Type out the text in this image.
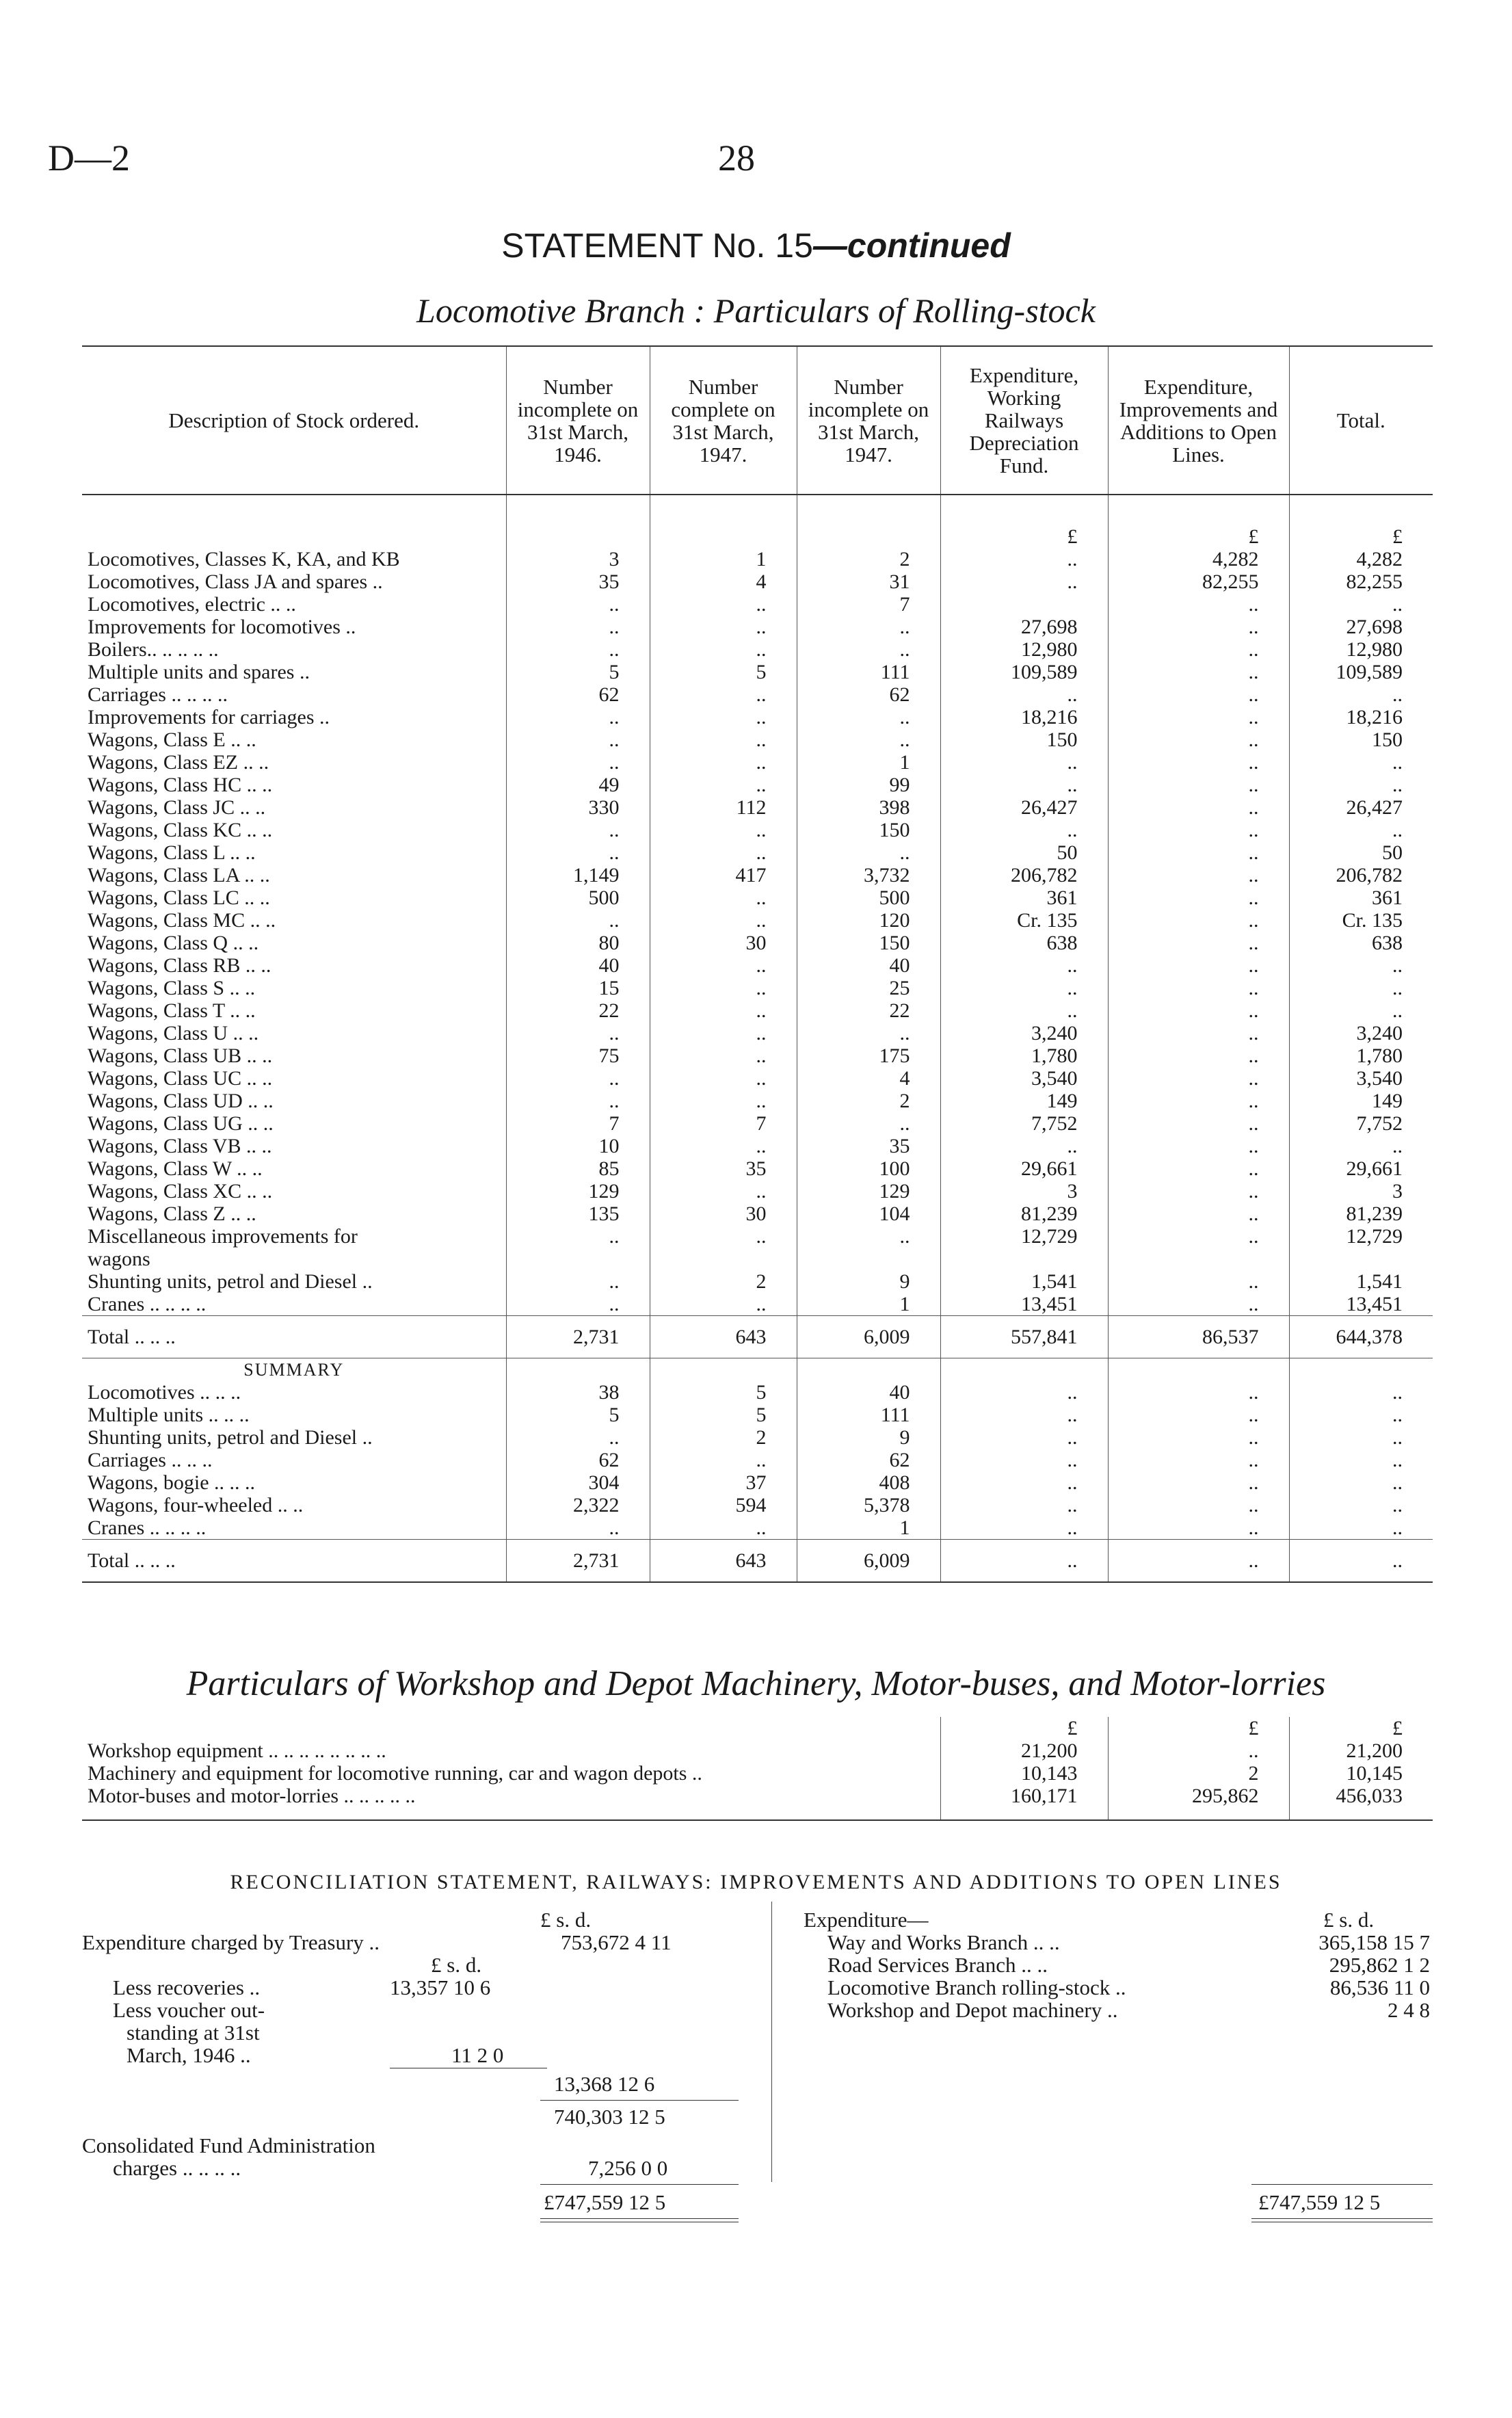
D—2	28
STATEMENT No. 15—continued
Locomotive Branch : Particulars of Rolling-stock
Description of Stock ordered.	Number incomplete on 31st March, 1946.	Number complete on 31st March, 1947.	Number incomplete on 31st March, 1947.	Expenditure, Working Railways Depreciation Fund.	Expenditure, Improvements and Additions to Open Lines.	Total.

				£	£	£
Locomotives, Classes K, KA, and KB	3	1	2	..	4,282	4,282
Locomotives, Class JA and spares ..	35	4	31	..	82,255	82,255
Locomotives, electric .. ..	..	..	7		..	..
Improvements for locomotives ..	..	..	..	27,698	..	27,698
Boilers.. .. .. .. ..	..	..	..	12,980	..	12,980
Multiple units and spares ..	5	5	111	109,589	..	109,589
Carriages .. .. .. ..	62	..	62	..	..	..
Improvements for carriages ..	..	..	..	18,216	..	18,216
Wagons, Class E .. ..	..	..	..	150	..	150
Wagons, Class EZ .. ..	..	..	1	..	..	..
Wagons, Class HC .. ..	49	..	99	..	..	..
Wagons, Class JC .. ..	330	112	398	26,427	..	26,427
Wagons, Class KC .. ..	..	..	150	..	..	..
Wagons, Class L .. ..	..	..	..	50	..	50
Wagons, Class LA .. ..	1,149	417	3,732	206,782	..	206,782
Wagons, Class LC .. ..	500	..	500	361	..	361
Wagons, Class MC .. ..	..	..	120	Cr. 135	..	Cr. 135
Wagons, Class Q .. ..	80	30	150	638	..	638
Wagons, Class RB .. ..	40	..	40	..	..	..
Wagons, Class S .. ..	15	..	25	..	..	..
Wagons, Class T .. ..	22	..	22	..	..	..
Wagons, Class U .. ..	..	..	..	3,240	..	3,240
Wagons, Class UB .. ..	75	..	175	1,780	..	1,780
Wagons, Class UC .. ..	..	..	4	3,540	..	3,540
Wagons, Class UD .. ..	..	..	2	149	..	149
Wagons, Class UG .. ..	7	7	..	7,752	..	7,752
Wagons, Class VB .. ..	10	..	35	..	..	..
Wagons, Class W .. ..	85	35	100	29,661	..	29,661
Wagons, Class XC .. ..	129	..	129	3	..	3
Wagons, Class Z .. ..	135	30	104	81,239	..	81,239
Miscellaneous improvements for	..	..	..	12,729	..	12,729
wagons						
Shunting units, petrol and Diesel ..	..	2	9	1,541	..	1,541
Cranes .. .. .. ..	..	..	1	13,451	..	13,451
Total .. .. ..	2,731	643	6,009	557,841	86,537	644,378
SUMMARY						
Locomotives .. .. ..	38	5	40	..	..	..
Multiple units .. .. ..	5	5	111	..	..	..
Shunting units, petrol and Diesel ..	..	2	9	..	..	..
Carriages .. .. ..	62	..	62	..	..	..
Wagons, bogie .. .. ..	304	37	408	..	..	..
Wagons, four-wheeled .. ..	2,322	594	5,378	..	..	..
Cranes .. .. .. ..	..	..	1	..	..	..
Total .. .. ..	2,731	643	6,009	..	..	..
Particulars of Workshop and Depot Machinery, Motor-buses, and Motor-lorries
	£	£	£
Workshop equipment .. .. .. .. .. .. .. ..	21,200	..	21,200
Machinery and equipment for locomotive running, car and wagon depots ..	10,143	2	10,145
Motor-buses and motor-lorries .. .. .. .. ..	160,171	295,862	456,033

RECONCILIATION STATEMENT, RAILWAYS: IMPROVEMENTS AND ADDITIONS TO OPEN LINES
£ s. d.
Expenditure charged by Treasury ..	753,672 4 11
£ s. d.
Less recoveries ..	13,357 10 6
Less voucher out-
standing at 31st
March, 1946 ..	11 2 0
13,368 12 6
740,303 12 5
Consolidated Fund Administration
charges .. .. .. ..	7,256 0 0
£747,559 12 5
Expenditure—	£ s. d.
Way and Works Branch .. ..	365,158 15 7
Road Services Branch .. ..	295,862 1 2
Locomotive Branch rolling-stock ..	86,536 11 0
Workshop and Depot machinery ..	2 4 8
£747,559 12 5
